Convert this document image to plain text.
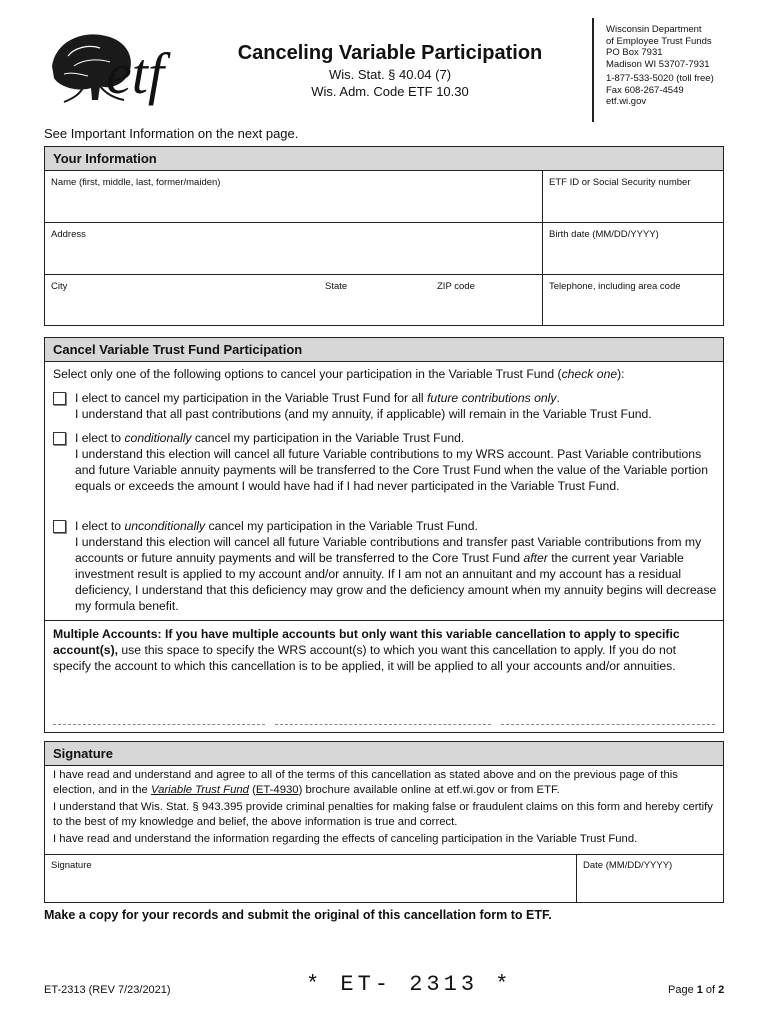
etf	Canceling Variable Participation
Wis. Stat. § 40.04 (7)
Wis. Adm. Code ETF 10.30
Wisconsin Department
of Employee Trust Funds
PO Box 7931
Madison WI 53707-7931
1-877-533-5020 (toll free)
Fax 608-267-4549
etf.wi.gov
See Important Information on the next page.
Your Information
Name (first, middle, last, former/maiden)	ETF ID or Social Security number
Address	Birth date (MM/DD/YYYY)
City	State	ZIP code	Telephone, including area code
Cancel Variable Trust Fund Participation
Select only one of the following options to cancel your participation in the Variable Trust Fund (check one):
I elect to cancel my participation in the Variable Trust Fund for all future contributions only.
I understand that all past contributions (and my annuity, if applicable) will remain in the Variable Trust Fund.
I elect to conditionally cancel my participation in the Variable Trust Fund.
I understand this election will cancel all future Variable contributions to my WRS account. Past Variable contributions and future Variable annuity payments will be transferred to the Core Trust Fund when the value of the Variable portion equals or exceeds the amount I would have had if I had never participated in the Variable Trust Fund.
I elect to unconditionally cancel my participation in the Variable Trust Fund.
I understand this election will cancel all future Variable contributions and transfer past Variable contributions from my accounts or future annuity payments and will be transferred to the Core Trust Fund after the current year Variable investment result is applied to my account and/or annuity. If I am not an annuitant and my account has a residual deficiency, I understand that this deficiency may grow and the deficiency amount when my annuity begins will decrease my formula benefit.
Multiple Accounts: If you have multiple accounts but only want this variable cancellation to apply to specific account(s), use this space to specify the WRS account(s) to which you want this cancellation to apply. If you do not specify the account to which this cancellation is to be applied, it will be applied to all your accounts and/or annuities.
Signature
I have read and understand and agree to all of the terms of this cancellation as stated above and on the previous page of this election, and in the Variable Trust Fund (ET-4930) brochure available online at etf.wi.gov or from ETF.
I understand that Wis. Stat. § 943.395 provide criminal penalties for making false or fraudulent claims on this form and hereby certify to the best of my knowledge and belief, the above information is true and correct.
I have read and understand the information regarding the effects of canceling participation in the Variable Trust Fund.
Signature	Date (MM/DD/YYYY)
Make a copy for your records and submit the original of this cancellation form to ETF.
ET-2313 (REV 7/23/2021)	* ET- 2313 *	Page 1 of 2
